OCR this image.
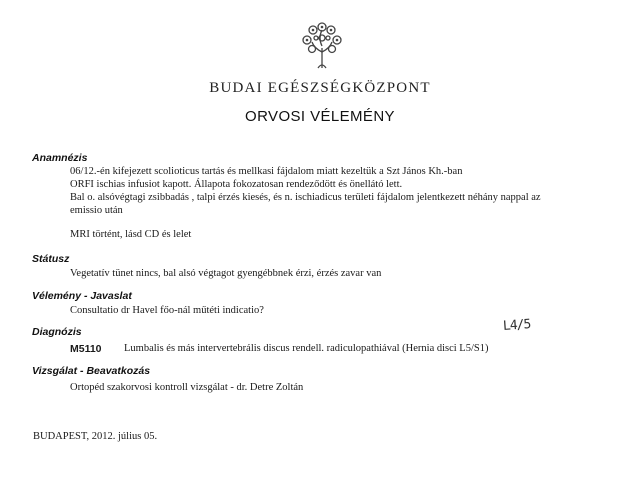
BUDAI EGÉSZSÉGKÖZPONT
ORVOSI VÉLEMÉNY
Anamnézis
06/12.-én kifejezett scolioticus tartás és mellkasi fájdalom miatt kezeltük a Szt János Kh.-ban
ORFI ischias infusiot kapott. Állapota fokozatosan rendeződött és önellátó lett.
Bal o. alsóvégtagi zsibbadás , talpi érzés kiesés, és n. ischiadicus területi fájdalom jelentkezett néhány nappal az
emissio után
MRI történt, lásd CD és lelet
Státusz
Vegetatív tünet nincs, bal alsó végtagot gyengébbnek érzi, érzés zavar van
Vélemény - Javaslat
Consultatio dr Havel főo-nál műtéti indicatio?
Diagnózis	L4/5
M5110 Lumbalis és más intervertebrális discus rendell. radiculopathiával (Hernia disci L5/S1)
Vizsgálat - Beavatkozás
Ortopéd szakorvosi kontroll vizsgálat - dr. Detre Zoltán
BUDAPEST, 2012. július 05.
